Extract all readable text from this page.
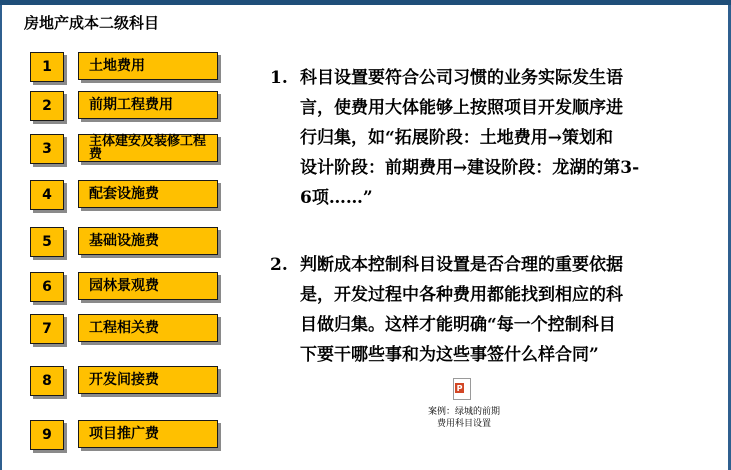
房地产成本二级科目
1	土地费用
2	前期工程费用
3	主体建安及装修工程费
4	配套设施费
5	基础设施费
6	园林景观费
7	工程相关费
8	开发间接费
9	项目推广费
1. 科目设置要符合公司习惯的业务实际发生语
言，使费用大体能够上按照项目开发顺序进
行归集，如“拓展阶段：土地费用→策划和
设计阶段：前期费用→建设阶段：龙湖的第3-
6项……”
2. 判断成本控制科目设置是否合理的重要依据
是，开发过程中各种费用都能找到相应的科
目做归集。这样才能明确“每一个控制科目
下要干哪些事和为这些事签什么样合同”
P
案例：绿城的前期
费用科目设置
